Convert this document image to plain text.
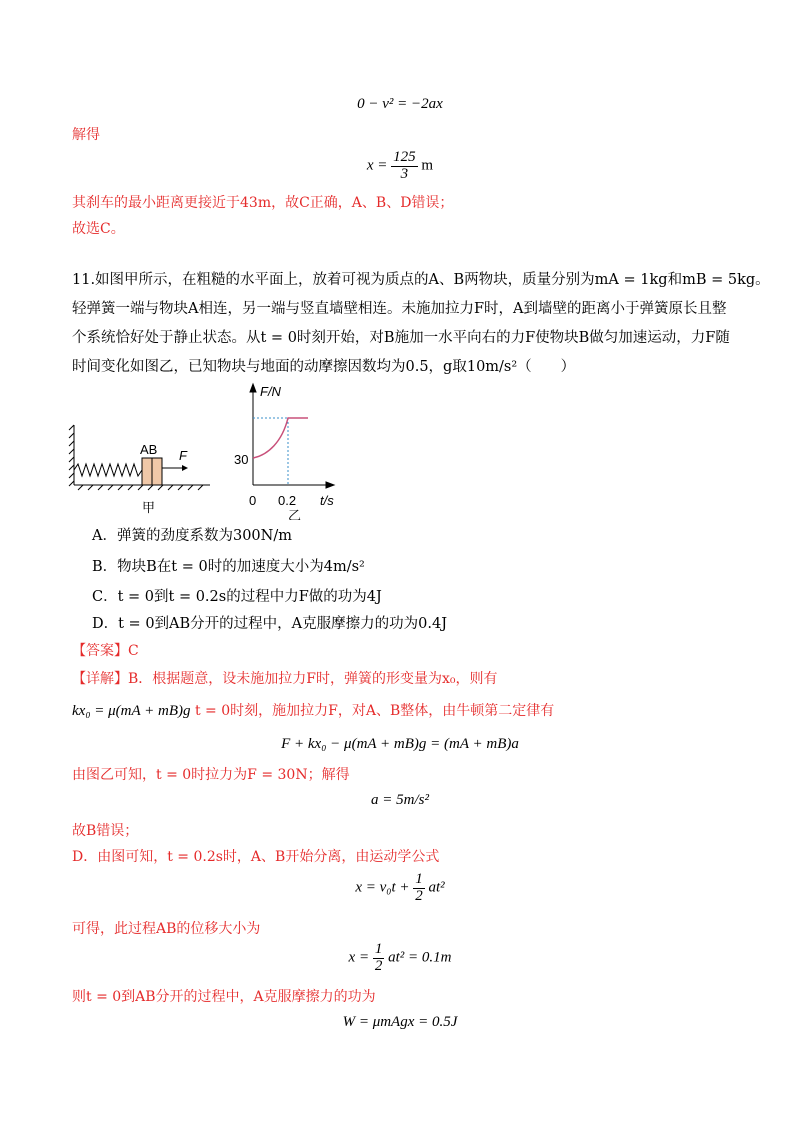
0 − v² = −2ax
解得
$x = \frac{125}{3}$ m
其刹车的最小距离更接近于43m，故C正确，A、B、D错误；
故选C。
11.如图甲所示，在粗糙的水平面上，放着可视为质点的A、B两物块，质量分别为mA = 1kg和mB = 5kg。
轻弹簧一端与物块A相连，另一端与竖直墙壁相连。未施加拉力F时，A到墙壁的距离小于弹簧原长且整
个系统恰好处于静止状态。从t = 0时刻开始，对B施加一水平向右的力F使物块B做匀加速运动，力F随
时间变化如图乙，已知物块与地面的动摩擦因数均为0.5，g取10m/s²（　　）
AB F
甲
F/N
t/s
0
30
0.2
乙
A．弹簧的劲度系数为300N/m
B．物块B在t = 0时的加速度大小为4m/s²
C．t = 0到t = 0.2s的过程中力F做的功为4J
D．t = 0到AB分开的过程中，A克服摩擦力的功为0.4J
【答案】C
【详解】B．根据题意，设未施加拉力F时，弹簧的形变量为x₀，则有
kx₀ = μ(mA + mB)g t = 0时刻，施加拉力F，对A、B整体，由牛顿第二定律有
F + kx₀ − μ(mA + mB)g = (mA + mB)a
由图乙可知，t = 0时拉力为F = 30N；解得
a = 5m/s²
故B错误；
D．由图可知，t = 0.2s时，A、B开始分离，由运动学公式
$x = v_0t + \frac{1}{2} at^2$
可得，此过程AB的位移大小为
$x = \frac{1}{2} at^2 = 0.1m$
则t = 0到AB分开的过程中，A克服摩擦力的功为
W = μmAgx = 0.5J
